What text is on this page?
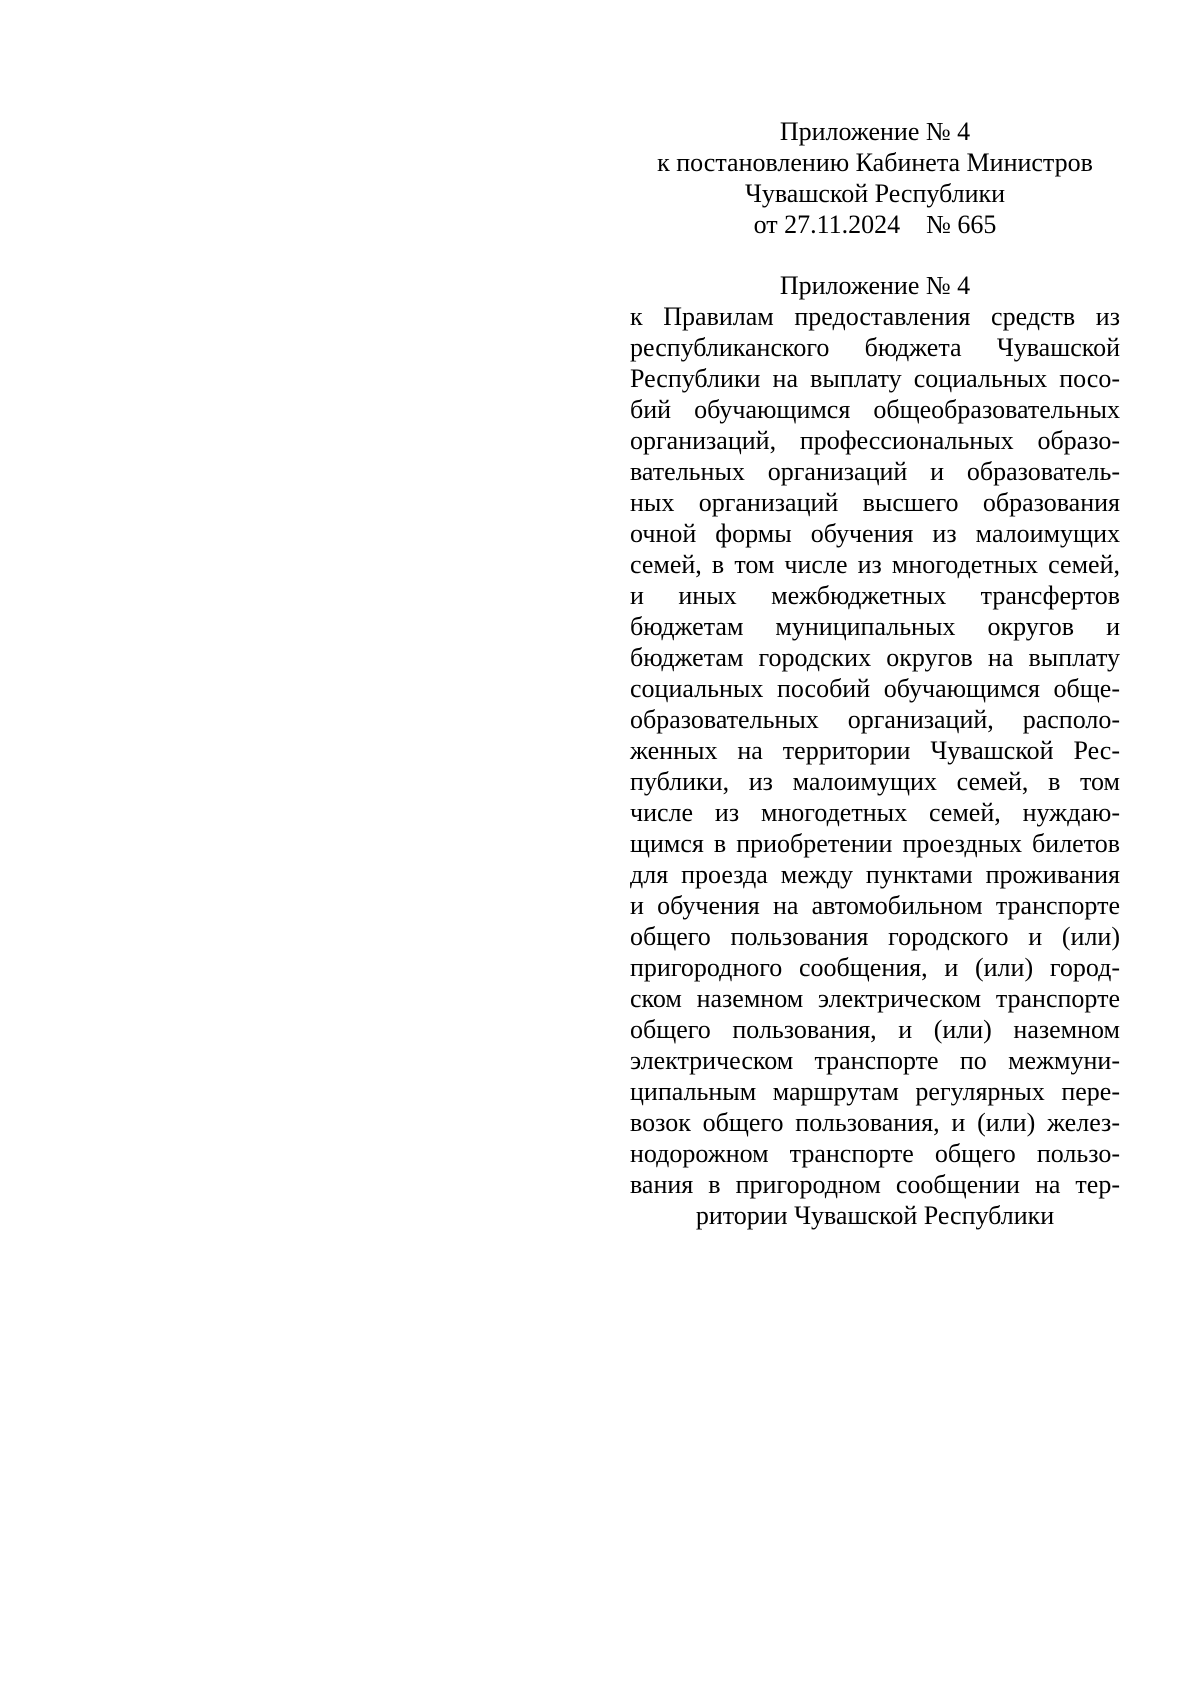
Приложение № 4
к постановлению Кабинета Министров
Чувашской Республики
от 27.11.2024    № 665
Приложение № 4
к Правилам предоставления средств из
республиканского бюджета Чувашской
Республики на выплату социальных посо-
бий обучающимся общеобразовательных
организаций, профессиональных образо-
вательных организаций и образователь-
ных организаций высшего образования
очной формы обучения из малоимущих
семей, в том числе из многодетных семей,
и иных межбюджетных трансфертов
бюджетам муниципальных округов и
бюджетам городских округов на выплату
социальных пособий обучающимся обще-
образовательных организаций, располо-
женных на территории Чувашской Рес-
публики, из малоимущих семей, в том
числе из многодетных семей, нуждаю-
щимся в приобретении проездных билетов
для проезда между пунктами проживания
и обучения на автомобильном транспорте
общего пользования городского и (или)
пригородного сообщения, и (или) город-
ском наземном электрическом транспорте
общего пользования, и (или) наземном
электрическом транспорте по межмуни-
ципальным маршрутам регулярных пере-
возок общего пользования, и (или) желез-
нодорожном транспорте общего пользо-
вания в пригородном сообщении на тер-
ритории Чувашской Республики
